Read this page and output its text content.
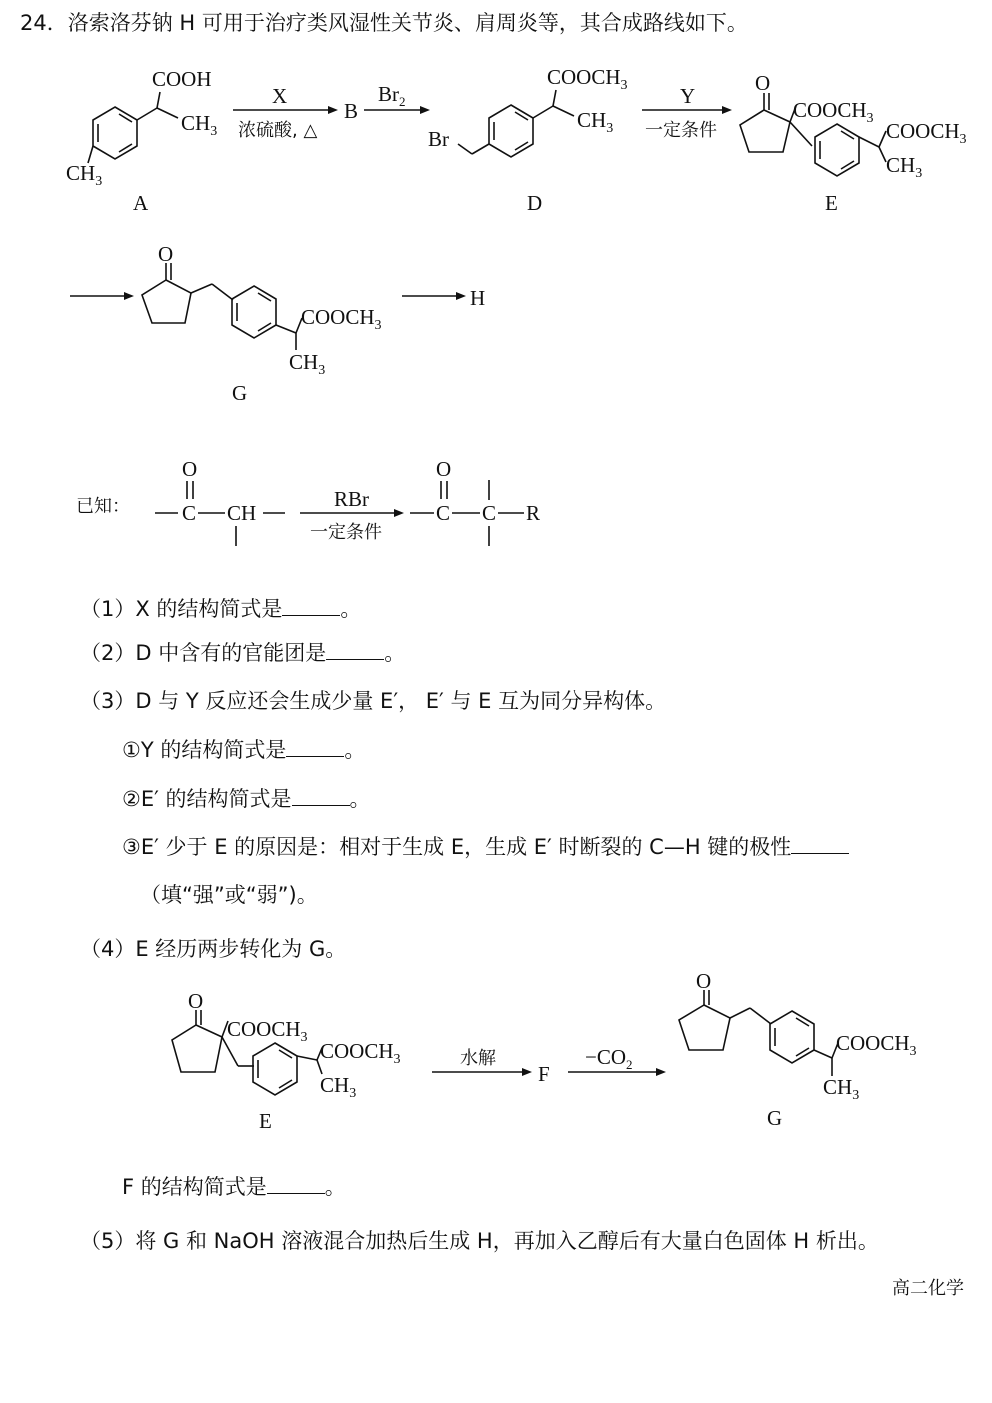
24．洛索洛芬钠 H 可用于治疗类风湿性关节炎、肩周炎等，其合成路线如下。
COOH
$CH_3$
$CH_3$
A
X
浓硫酸, △
B
$Br_2$
$COOCH_3$
$CH_3$
Br
D
Y
一定条件
O
$COOCH_3$
$COOCH_3$
$CH_3$
E
O
$COOCH_3$
$CH_3$
G
H
已知： C
O
CH
RBr
一定条件
C
O
C R
O
$COOCH_3$
$COOCH_3$
$CH_3$
E
水解
F
$-CO_2$
O
$COOCH_3$
$CH_3$
G
（1）X 的结构简式是	。
（2）D 中含有的官能团是	。
（3）D 与 Y 反应还会生成少量 E′， E′ 与 E 互为同分异构体。
①Y 的结构简式是	。
②E′ 的结构简式是	。
③E′ 少于 E 的原因是：相对于生成 E，生成 E′ 时断裂的 C—H 键的极性
（填“强”或“弱”)。
（4）E 经历两步转化为 G。
F 的结构简式是	。
（5）将 G 和 NaOH 溶液混合加热后生成 H，再加入乙醇后有大量白色固体 H 析出。
高二化学
